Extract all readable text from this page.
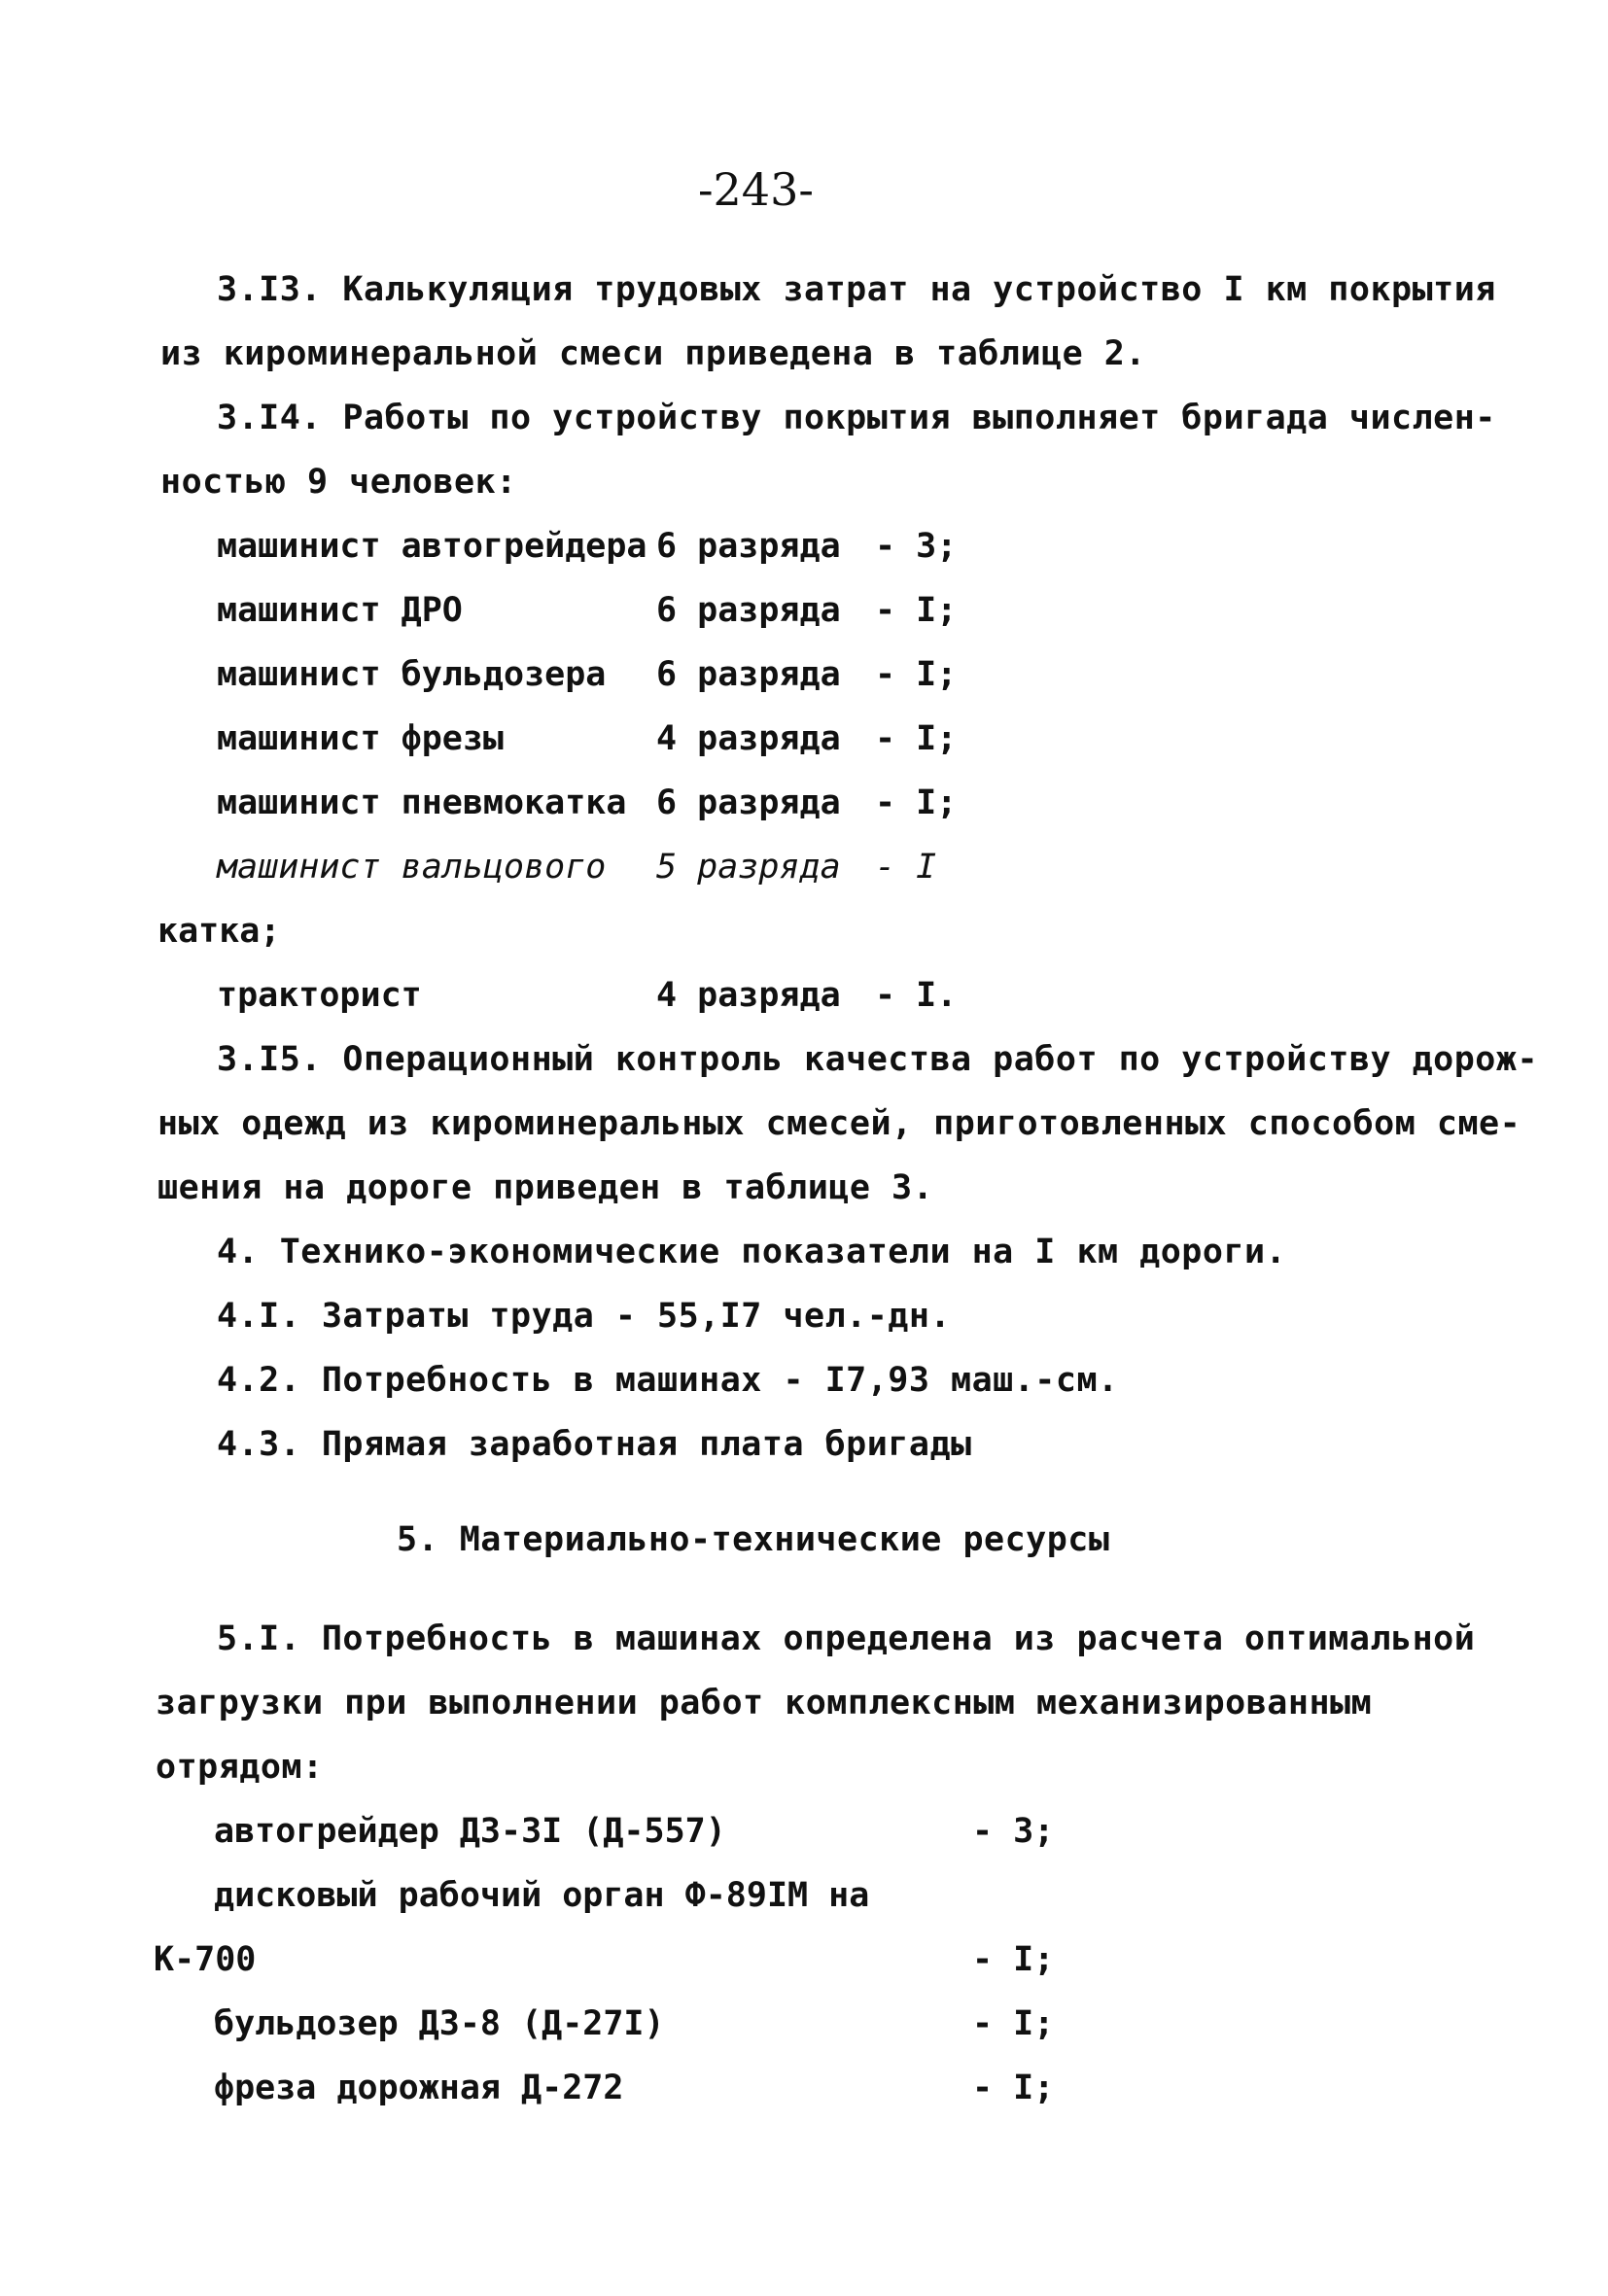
-243-
3.I3. Калькуляция трудовых затрат на устройство I км покрытия
из кироминеральной смеси приведена в таблице 2.
3.I4. Работы по устройству покрытия выполняет бригада числен-
ностью 9 человек:
машинист автогрейдера 6 разряда - 3;
машинист ДРО	6 разряда - I;
машинист бульдозера 6 разряда - I;
машинист фрезы	4 разряда - I;
машинист пневмокатка 6 разряда - I;
машинист вальцового 5 разряда - I
катка;
тракторист	4 разряда - I.
3.I5. Операционный контроль качества работ по устройству дорож-
ных одежд из кироминеральных смесей, приготовленных способом сме-
шения на дороге приведен в таблице 3.
4. Технико-экономические показатели на I км дороги.
4.I. Затраты труда - 55,I7 чел.-дн.
4.2. Потребность в машинах - I7,93 маш.-см.
4.3. Прямая заработная плата бригады
5. Материально-технические ресурсы
5.I. Потребность в машинах определена из расчета оптимальной
загрузки при выполнении работ комплексным механизированным
отрядом:
автогрейдер ДЗ-3I (Д-557)	- 3;
дисковый рабочий орган Ф-89IМ на
К-700	- I;
бульдозер ДЗ-8 (Д-27I)	- I;
фреза дорожная Д-272	- I;
